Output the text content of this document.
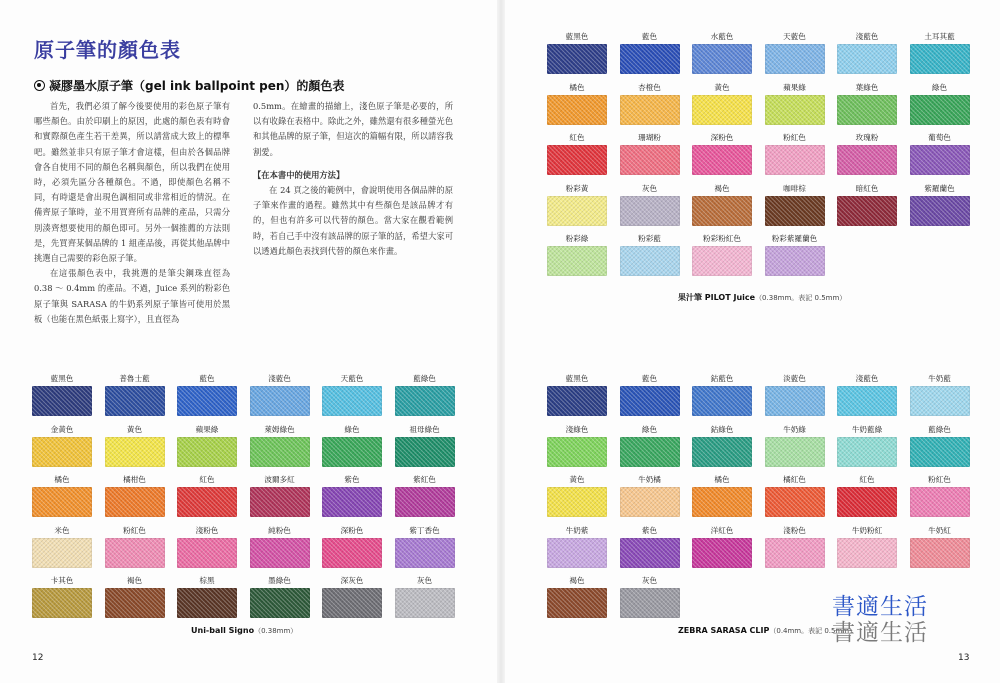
原子筆的顏色表
凝膠墨水原子筆（gel ink ballpoint pen）的顏色表

首先，我們必須了解今後要使用的彩色原子筆有哪些顏色。由於印刷上的原因，此處的顏色表有時會和實際顏色產生若干差異，所以請當成大致上的標準吧。雖然並非只有原子筆才會這樣，但由於各個品牌會各自使用不同的顏色名稱與顏色，所以我們在使用時，必須先區分各種顏色。不過，即使顏色名稱不同，有時還是會出現色調相同或非常相近的情況。在備齊原子筆時，並不用買齊所有品牌的產品，只需分別湊齊想要使用的顏色即可。另外一個推薦的方法則是，先買齊某個品牌的 1 組產品後，再從其他品牌中挑選自己需要的彩色原子筆。

在這張顏色表中，我挑選的是筆尖鋼珠直徑為 0.38 ～ 0.4mm 的產品。不過，Juice 系列的粉彩色原子筆與 SARASA 的牛奶系列原子筆皆可使用於黑板（也能在黑色紙張上寫字），且直徑為

0.5mm。在繪畫的描繪上，淺色原子筆是必要的，所以有收錄在表格中。除此之外，雖然還有很多種螢光色和其他品牌的原子筆，但這次的篇幅有限，所以請容我割愛。

【在本書中的使用方法】

在 24 頁之後的範例中，會說明使用各個品牌的原子筆來作畫的過程。雖然其中有些顏色是該品牌才有的，但也有許多可以代替的顏色。當大家在觀看範例時，若自己手中沒有該品牌的原子筆的話，希望大家可以透過此顏色表找到代替的顏色來作畫。

藍黑色	藍色	水藍色	天藍色	淺藍色	土耳其藍
橘色	杏橙色	黃色	蘋果綠	葉綠色	綠色
紅色	珊瑚粉	深粉色	粉紅色	玫瑰粉	葡萄色
粉彩黃	灰色	褐色	咖啡棕	暗紅色	紫羅蘭色
粉彩綠	粉彩藍	粉彩粉紅色	粉彩紫羅蘭色
藍黑色	普魯士藍	藍色	淺藍色	天藍色	藍綠色
金黃色	黃色	蘋果綠	萊姆綠色	綠色	祖母綠色
橘色	橘柑色	紅色	波爾多紅	紫色	紫紅色
米色	粉紅色	淺粉色	純粉色	深粉色	紫丁香色
卡其色	褐色	棕黑	墨綠色	深灰色	灰色
藍黑色	藍色	鈷藍色	淡藍色	淺藍色	牛奶藍
淺綠色	綠色	鈷綠色	牛奶綠	牛奶藍綠	藍綠色
黃色	牛奶橘	橘色	橘紅色	紅色	粉紅色
牛奶紫	紫色	洋紅色	淺粉色	牛奶粉紅	牛奶紅
褐色	灰色
果汁筆 PILOT Juice（0.38mm。表記 0.5mm）
Uni-ball Signo（0.38mm）	ZEBRA SARASA CLIP（0.4mm。表記 0.5mm）
12	13
書適生活
書適生活
